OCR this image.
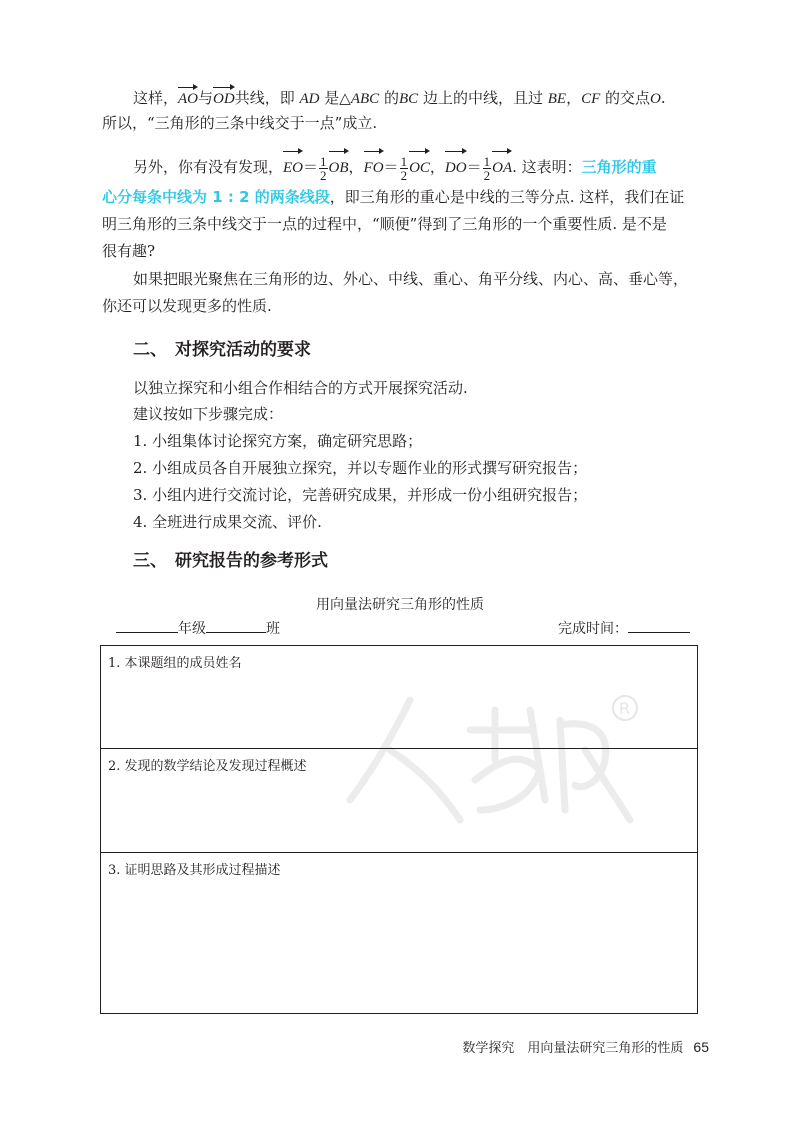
这样，AO与OD共线，即 AD 是△ABC 的BC 边上的中线，且过 BE，CF 的交点O.
所以，“三角形的三条中线交于一点”成立.
另外，你有没有发现，$EO= \frac{1}{2}$ OB，$FO= \frac{1}{2}$ OC，$DO= \frac{1}{2}$ OA. 这表明：三角形的重
心分每条中线为 1 : 2 的两条线段，即三角形的重心是中线的三等分点. 这样，我们在证
明三角形的三条中线交于一点的过程中，“顺便”得到了三角形的一个重要性质. 是不是
很有趣?
如果把眼光聚焦在三角形的边、外心、中线、重心、角平分线、内心、高、垂心等，
你还可以发现更多的性质.
二、 对探究活动的要求
以独立探究和小组合作相结合的方式开展探究活动.
建议按如下步骤完成：
1. 小组集体讨论探究方案，确定研究思路；
2. 小组成员各自开展独立探究，并以专题作业的形式撰写研究报告；
3. 小组内进行交流讨论，完善研究成果，并形成一份小组研究报告；
4. 全班进行成果交流、评价.
三、 研究报告的参考形式
用向量法研究三角形的性质
年级	班	完成时间：
R
1. 本课题组的成员姓名
2. 发现的数学结论及发现过程概述
3. 证明思路及其形成过程描述
数学探究　用向量法研究三角形的性质 65
